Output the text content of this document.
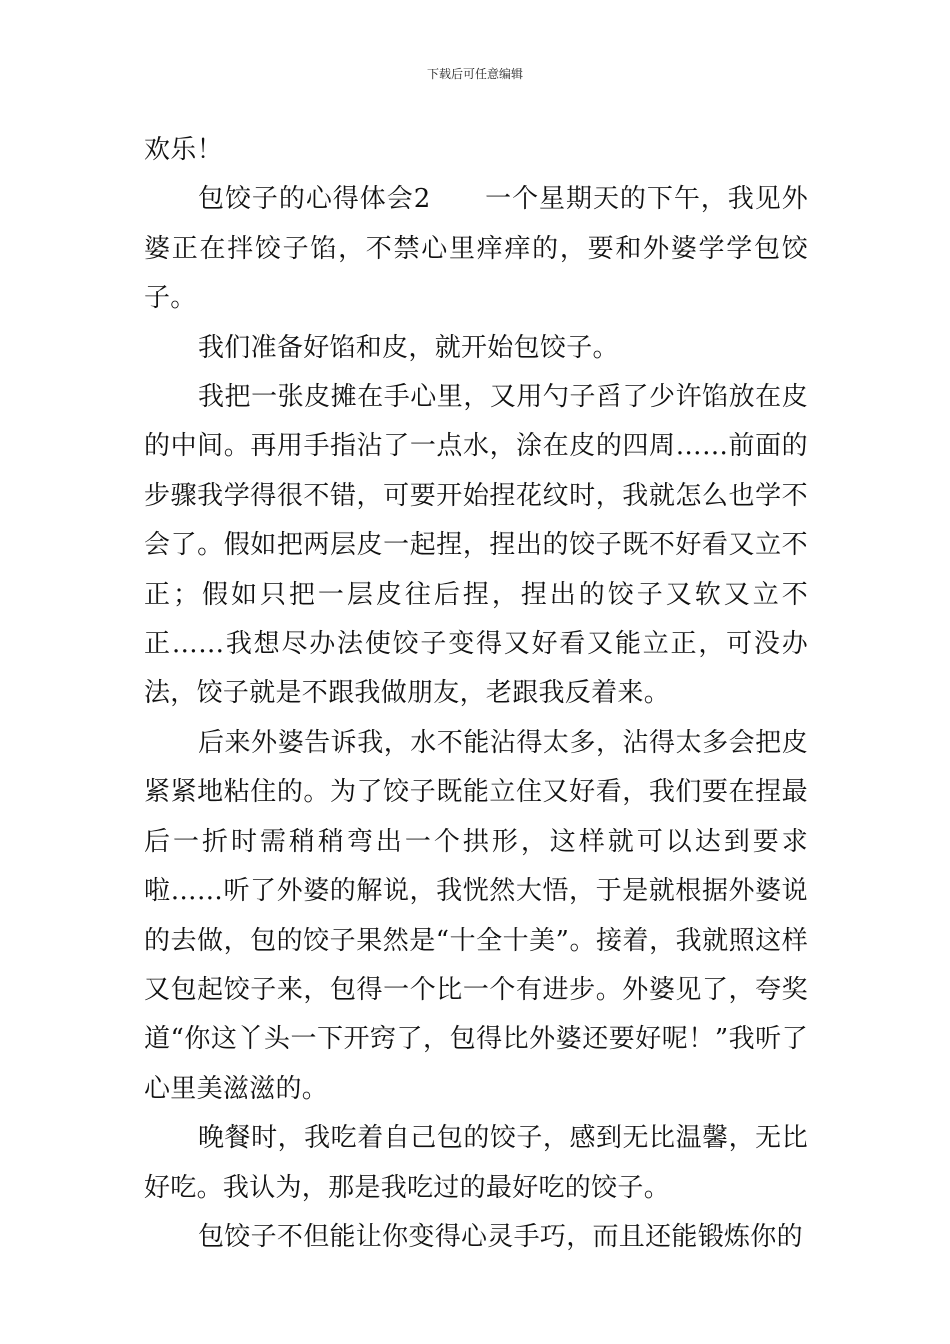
下载后可任意编辑

欢乐！

包饺子的心得体会2　　一个星期天的下午，我见外婆正在拌饺子馅，不禁心里痒痒的，要和外婆学学包饺子。

我们准备好馅和皮，就开始包饺子。

我把一张皮摊在手心里，又用勺子舀了少许馅放在皮的中间。再用手指沾了一点水，涂在皮的四周……前面的步骤我学得很不错，可要开始捏花纹时，我就怎么也学不会了。假如把两层皮一起捏，捏出的饺子既不好看又立不正；假如只把一层皮往后捏，捏出的饺子又软又立不正……我想尽办法使饺子变得又好看又能立正，可没办法，饺子就是不跟我做朋友，老跟我反着来。

后来外婆告诉我，水不能沾得太多，沾得太多会把皮紧紧地粘住的。为了饺子既能立住又好看，我们要在捏最后一折时需稍稍弯出一个拱形，这样就可以达到要求啦……听了外婆的解说，我恍然大悟，于是就根据外婆说的去做，包的饺子果然是“十全十美”。接着，我就照这样又包起饺子来，包得一个比一个有进步。外婆见了，夸奖道“你这丫头一下开窍了，包得比外婆还要好呢！”我听了心里美滋滋的。

晚餐时，我吃着自己包的饺子，感到无比温馨，无比好吃。我认为，那是我吃过的最好吃的饺子。

包饺子不但能让你变得心灵手巧，而且还能锻炼你的
